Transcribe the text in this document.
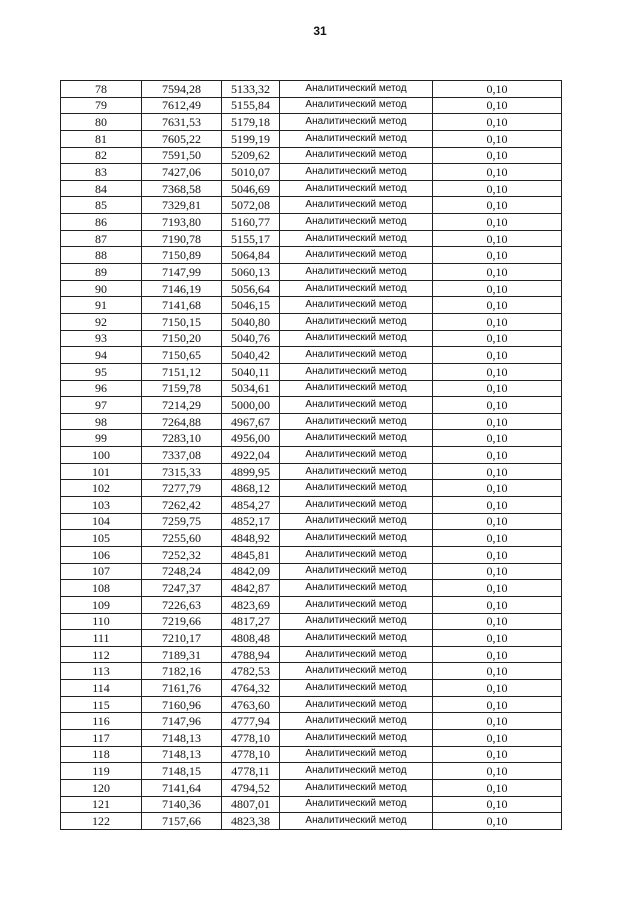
31
78	7594,28	5133,32	Аналитический метод	0,10
79	7612,49	5155,84	Аналитический метод	0,10
80	7631,53	5179,18	Аналитический метод	0,10
81	7605,22	5199,19	Аналитический метод	0,10
82	7591,50	5209,62	Аналитический метод	0,10
83	7427,06	5010,07	Аналитический метод	0,10
84	7368,58	5046,69	Аналитический метод	0,10
85	7329,81	5072,08	Аналитический метод	0,10
86	7193,80	5160,77	Аналитический метод	0,10
87	7190,78	5155,17	Аналитический метод	0,10
88	7150,89	5064,84	Аналитический метод	0,10
89	7147,99	5060,13	Аналитический метод	0,10
90	7146,19	5056,64	Аналитический метод	0,10
91	7141,68	5046,15	Аналитический метод	0,10
92	7150,15	5040,80	Аналитический метод	0,10
93	7150,20	5040,76	Аналитический метод	0,10
94	7150,65	5040,42	Аналитический метод	0,10
95	7151,12	5040,11	Аналитический метод	0,10
96	7159,78	5034,61	Аналитический метод	0,10
97	7214,29	5000,00	Аналитический метод	0,10
98	7264,88	4967,67	Аналитический метод	0,10
99	7283,10	4956,00	Аналитический метод	0,10
100	7337,08	4922,04	Аналитический метод	0,10
101	7315,33	4899,95	Аналитический метод	0,10
102	7277,79	4868,12	Аналитический метод	0,10
103	7262,42	4854,27	Аналитический метод	0,10
104	7259,75	4852,17	Аналитический метод	0,10
105	7255,60	4848,92	Аналитический метод	0,10
106	7252,32	4845,81	Аналитический метод	0,10
107	7248,24	4842,09	Аналитический метод	0,10
108	7247,37	4842,87	Аналитический метод	0,10
109	7226,63	4823,69	Аналитический метод	0,10
110	7219,66	4817,27	Аналитический метод	0,10
111	7210,17	4808,48	Аналитический метод	0,10
112	7189,31	4788,94	Аналитический метод	0,10
113	7182,16	4782,53	Аналитический метод	0,10
114	7161,76	4764,32	Аналитический метод	0,10
115	7160,96	4763,60	Аналитический метод	0,10
116	7147,96	4777,94	Аналитический метод	0,10
117	7148,13	4778,10	Аналитический метод	0,10
118	7148,13	4778,10	Аналитический метод	0,10
119	7148,15	4778,11	Аналитический метод	0,10
120	7141,64	4794,52	Аналитический метод	0,10
121	7140,36	4807,01	Аналитический метод	0,10
122	7157,66	4823,38	Аналитический метод	0,10
